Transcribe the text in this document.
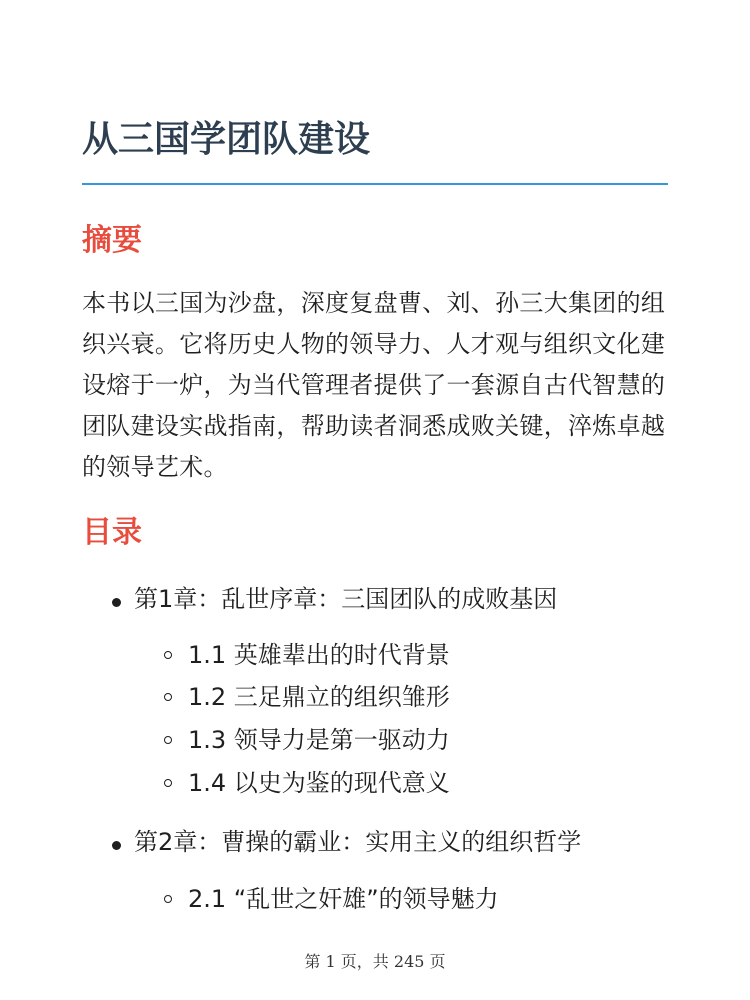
从三国学团队建设
摘要

本书以三国为沙盘，深度复盘曹、刘、孙三大集团的组织兴衰。它将历史人物的领导力、人才观与组织文化建设熔于一炉，为当代管理者提供了一套源自古代智慧的团队建设实战指南，帮助读者洞悉成败关键，淬炼卓越的领导艺术。

目录

第1章：乱世序章：三国团队的成败基因

1.1 英雄辈出的时代背景

1.2 三足鼎立的组织雏形

1.3 领导力是第一驱动力

1.4 以史为鉴的现代意义

第2章：曹操的霸业：实用主义的组织哲学

2.1 “乱世之奸雄”的领导魅力

第 1 页，共 245 页
